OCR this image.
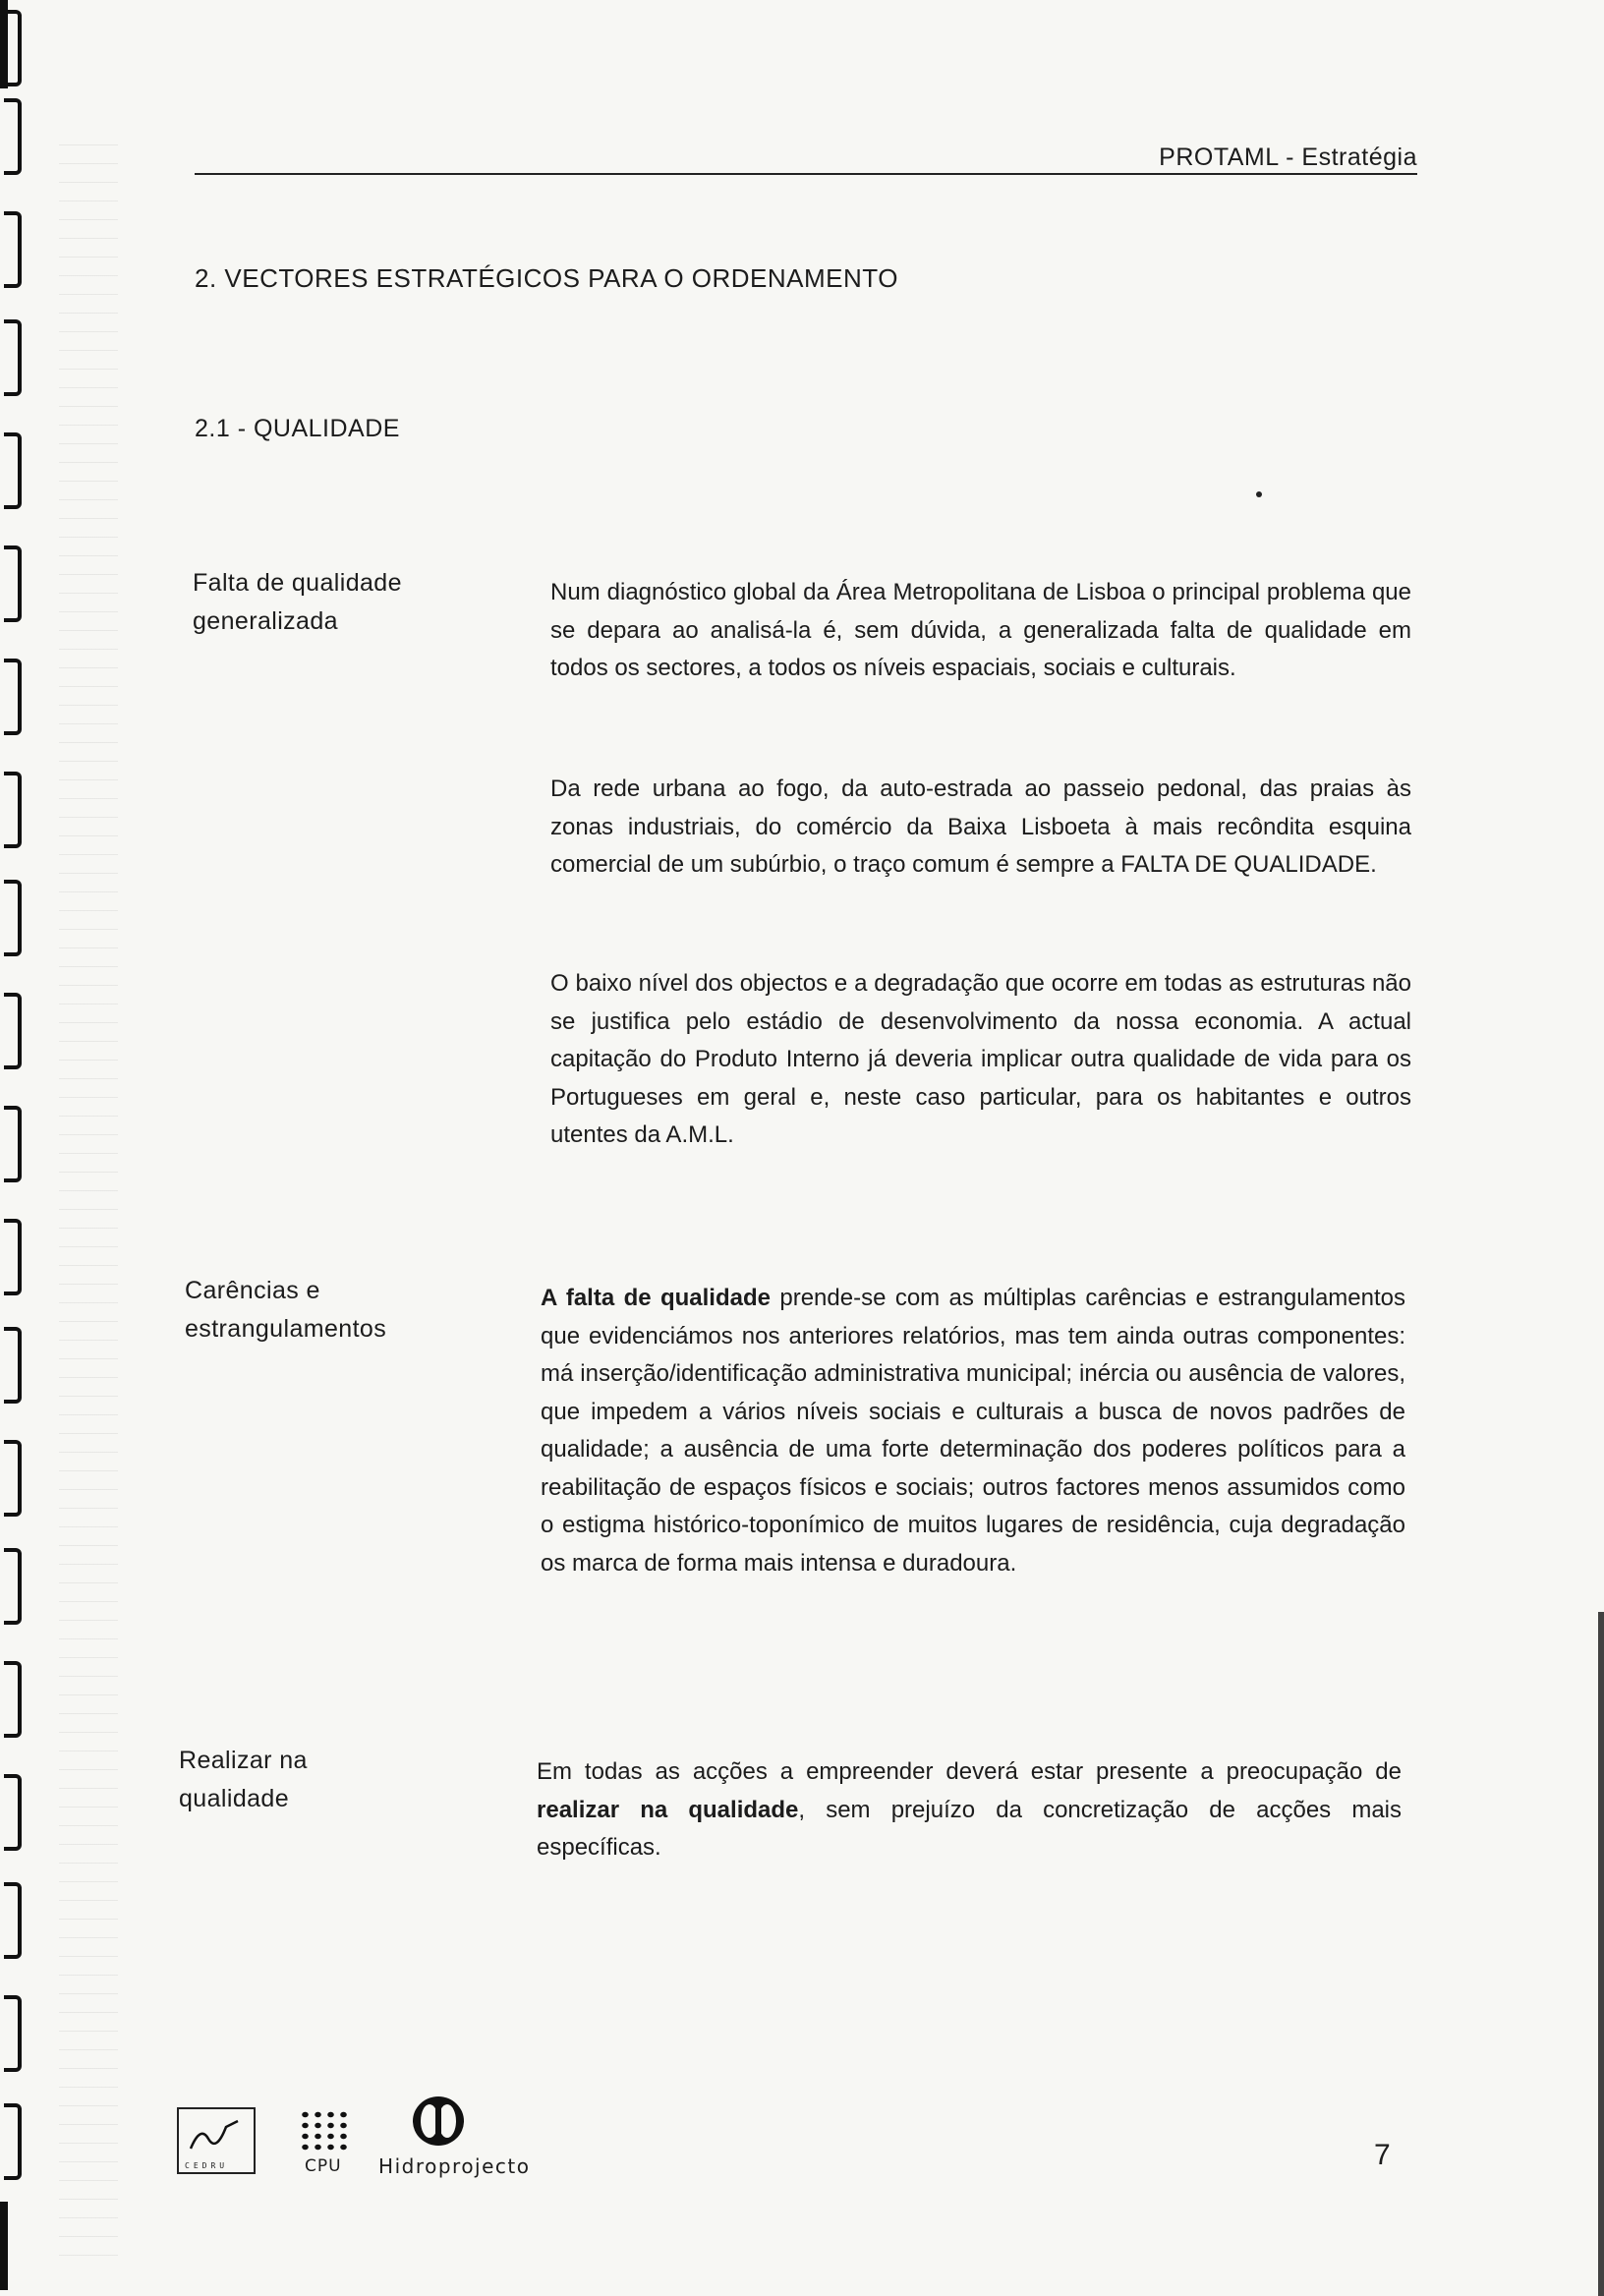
PROTAML - Estratégia
2. VECTORES ESTRATÉGICOS PARA O ORDENAMENTO
2.1 - QUALIDADE
Falta de qualidade
generalizada
Num diagnóstico global da Área Metropolitana de Lisboa o principal problema que se depara ao analisá-la é, sem dúvida, a generalizada falta de qualidade em todos os sectores, a todos os níveis espaciais, sociais e culturais.
Da rede urbana ao fogo, da auto-estrada ao passeio pedonal, das praias às zonas industriais, do comércio da Baixa Lisboeta à mais recôndita esquina comercial de um subúrbio, o traço comum é sempre a FALTA DE QUALIDADE.
O baixo nível dos objectos e a degradação que ocorre em todas as estruturas não se justifica pelo estádio de desenvolvimento da nossa economia. A actual capitação do Produto Interno já deveria implicar outra qualidade de vida para os Portugueses em geral e, neste caso particular, para os habitantes e outros utentes da A.M.L.
Carências e
estrangulamentos
A falta de qualidade prende-se com as múltiplas carências e estrangulamentos que evidenciámos nos anteriores relatórios, mas tem ainda outras componentes: má inserção/identificação administrativa municipal; inércia ou ausência de valores, que impedem a vários níveis sociais e culturais a busca de novos padrões de qualidade; a ausência de uma forte determinação dos poderes políticos para a reabilitação de espaços físicos e sociais; outros factores menos assumidos como o estigma histórico-toponímico de muitos lugares de residência, cuja degradação os marca de forma mais intensa e duradoura.
Realizar na
qualidade
Em todas as acções a empreender deverá estar presente a preocupação de realizar na qualidade, sem prejuízo da concretização de acções mais específicas.
CEDRU	CPU	Hidroprojecto	7
